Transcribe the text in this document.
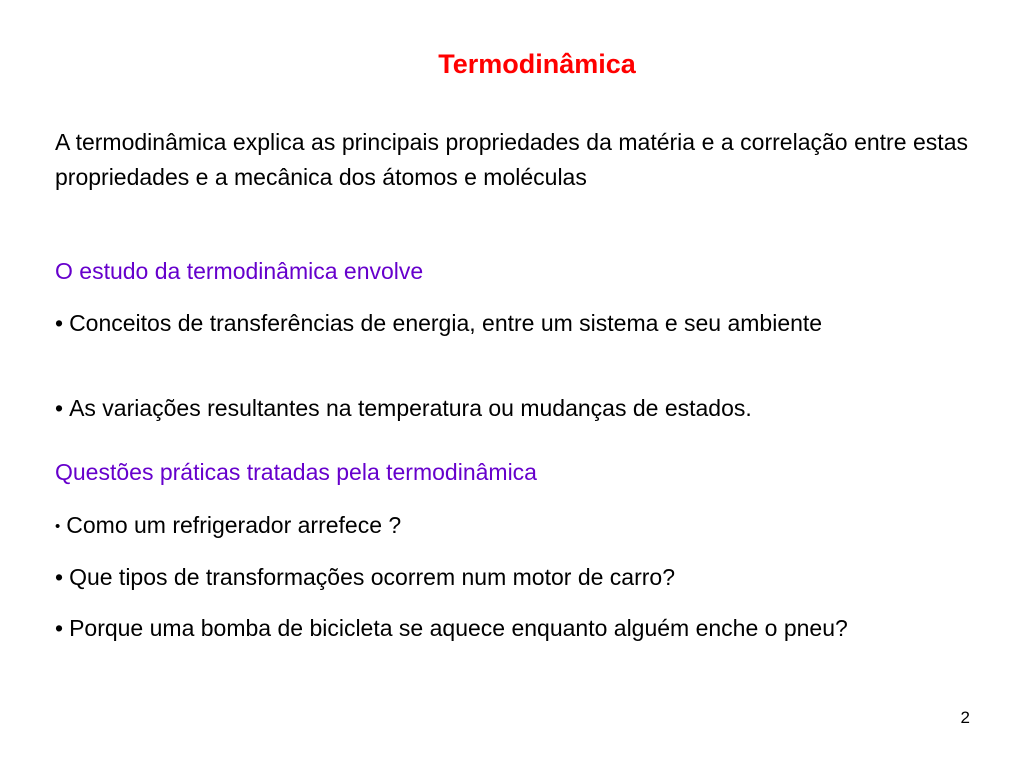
Termodinâmica

A termodinâmica explica as principais propriedades da matéria e a correlação entre estas propriedades e a mecânica dos átomos e moléculas

O estudo da termodinâmica envolve

• Conceitos de transferências de energia, entre um sistema e seu ambiente

• As variações resultantes na temperatura ou mudanças de estados.

Questões práticas tratadas pela termodinâmica

• Como um refrigerador arrefece ?

• Que tipos de transformações ocorrem num motor de carro?

• Porque uma bomba de bicicleta se aquece enquanto alguém enche o pneu?

2
